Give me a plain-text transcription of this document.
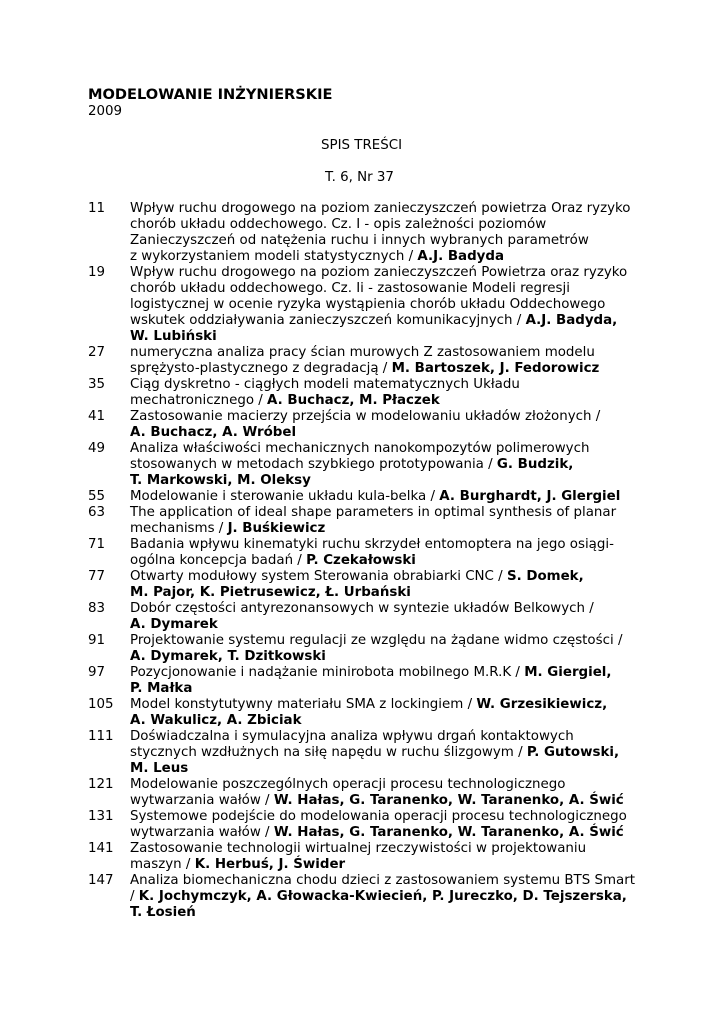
MODELOWANIE INŻYNIERSKIE

2009

SPIS TREŚCI
T. 6, Nr 37
11	Wpływ ruchu drogowego na poziom zanieczyszczeń powietrza Oraz ryzyko
chorób układu oddechowego. Cz. I - opis zależności poziomów
Zanieczyszczeń od natężenia ruchu i innych wybranych parametrów
z wykorzystaniem modeli statystycznych / A.J. Badyda
19	Wpływ ruchu drogowego na poziom zanieczyszczeń Powietrza oraz ryzyko
chorób układu oddechowego. Cz. Ii - zastosowanie Modeli regresji
logistycznej w ocenie ryzyka wystąpienia chorób układu Oddechowego
wskutek oddziaływania zanieczyszczeń komunikacyjnych / A.J. Badyda,
W. Lubiński
27	numeryczna analiza pracy ścian murowych Z zastosowaniem modelu
sprężysto-plastycznego z degradacją / M. Bartoszek, J. Fedorowicz
35	Ciąg dyskretno - ciągłych modeli matematycznych Układu
mechatronicznego / A. Buchacz, M. Płaczek
41	Zastosowanie macierzy przejścia w modelowaniu układów złożonych /
A. Buchacz, A. Wróbel
49	Analiza właściwości mechanicznych nanokompozytów polimerowych
stosowanych w metodach szybkiego prototypowania / G. Budzik,
T. Markowski, M. Oleksy
55	Modelowanie i sterowanie układu kula-belka / A. Burghardt, J. Glergiel
63	The application of ideal shape parameters in optimal synthesis of planar
mechanisms / J. Buśkiewicz
71	Badania wpływu kinematyki ruchu skrzydeł entomoptera na jego osiągi-
ogólna koncepcja badań / P. Czekałowski
77	Otwarty modułowy system Sterowania obrabiarki CNC / S. Domek,
M. Pajor, K. Pietrusewicz, Ł. Urbański
83	Dobór częstości antyrezonansowych w syntezie układów Belkowych /
A. Dymarek
91	Projektowanie systemu regulacji ze względu na żądane widmo częstości /
A. Dymarek, T. Dzitkowski
97	Pozycjonowanie i nadążanie minirobota mobilnego M.R.K / M. Giergiel,
P. Małka
105	Model konstytutywny materiału SMA z lockingiem / W. Grzesikiewicz,
A. Wakulicz, A. Zbiciak
111	Doświadczalna i symulacyjna analiza wpływu drgań kontaktowych
stycznych wzdłużnych na siłę napędu w ruchu ślizgowym / P. Gutowski,
M. Leus
121	Modelowanie poszczególnych operacji procesu technologicznego
wytwarzania wałów / W. Hałas, G. Taranenko, W. Taranenko, A. Świć
131	Systemowe podejście do modelowania operacji procesu technologicznego
wytwarzania wałów / W. Hałas, G. Taranenko, W. Taranenko, A. Świć
141	Zastosowanie technologii wirtualnej rzeczywistości w projektowaniu
maszyn / K. Herbuś, J. Świder
147	Analiza biomechaniczna chodu dzieci z zastosowaniem systemu BTS Smart
/ K. Jochymczyk, A. Głowacka-Kwiecień, P. Jureczko, D. Tejszerska,
T. Łosień
